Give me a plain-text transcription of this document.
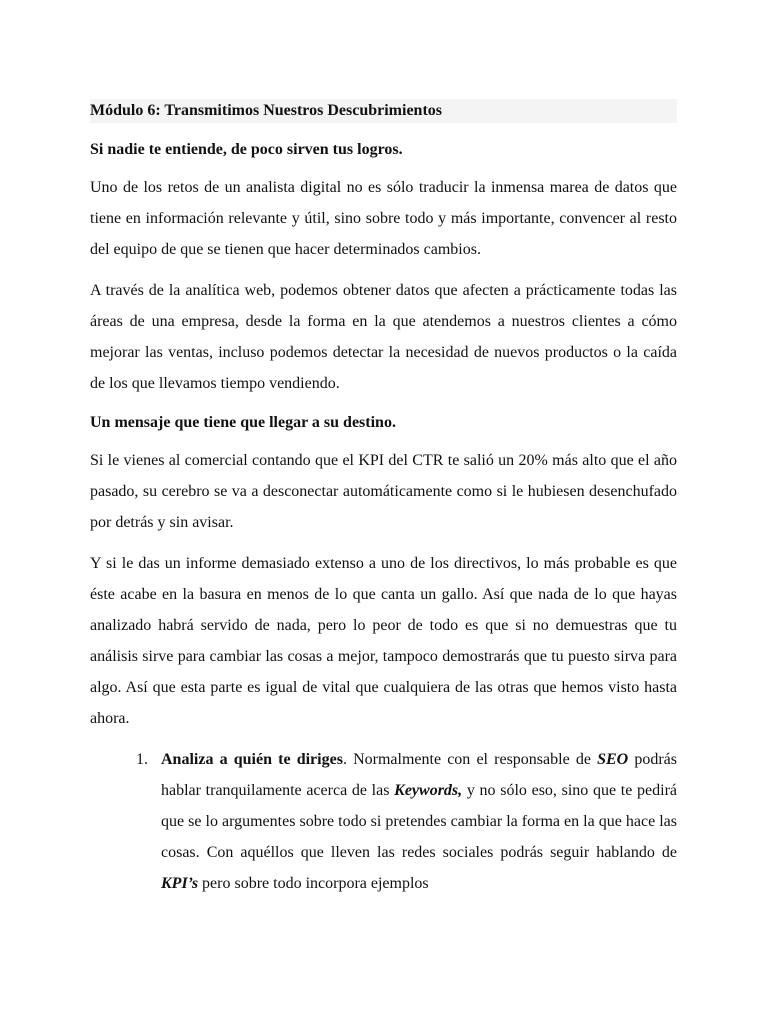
Módulo 6: Transmitimos Nuestros Descubrimientos
Si nadie te entiende, de poco sirven tus logros.

Uno de los retos de un analista digital no es sólo traducir la inmensa marea de datos que tiene en información relevante y útil, sino sobre todo y más importante, convencer al resto del equipo de que se tienen que hacer determinados cambios.

A través de la analítica web, podemos obtener datos que afecten a prácticamente todas las áreas de una empresa, desde la forma en la que atendemos a nuestros clientes a cómo mejorar las ventas, incluso podemos detectar la necesidad de nuevos productos o la caída de los que llevamos tiempo vendiendo.

Un mensaje que tiene que llegar a su destino.

Si le vienes al comercial contando que el KPI del CTR te salió un 20% más alto que el año pasado, su cerebro se va a desconectar automáticamente como si le hubiesen desenchufado por detrás y sin avisar.

Y si le das un informe demasiado extenso a uno de los directivos, lo más probable es que éste acabe en la basura en menos de lo que canta un gallo. Así que nada de lo que hayas analizado habrá servido de nada, pero lo peor de todo es que si no demuestras que tu análisis sirve para cambiar las cosas a mejor, tampoco demostrarás que tu puesto sirva para algo. Así que esta parte es igual de vital que cualquiera de las otras que hemos visto hasta ahora.

1. Analiza a quién te diriges. Normalmente con el responsable de SEO podrás hablar tranquilamente acerca de las Keywords, y no sólo eso, sino que te pedirá que se lo argumentes sobre todo si pretendes cambiar la forma en la que hace las cosas. Con aquéllos que lleven las redes sociales podrás seguir hablando de KPI’s pero sobre todo incorpora ejemplos
